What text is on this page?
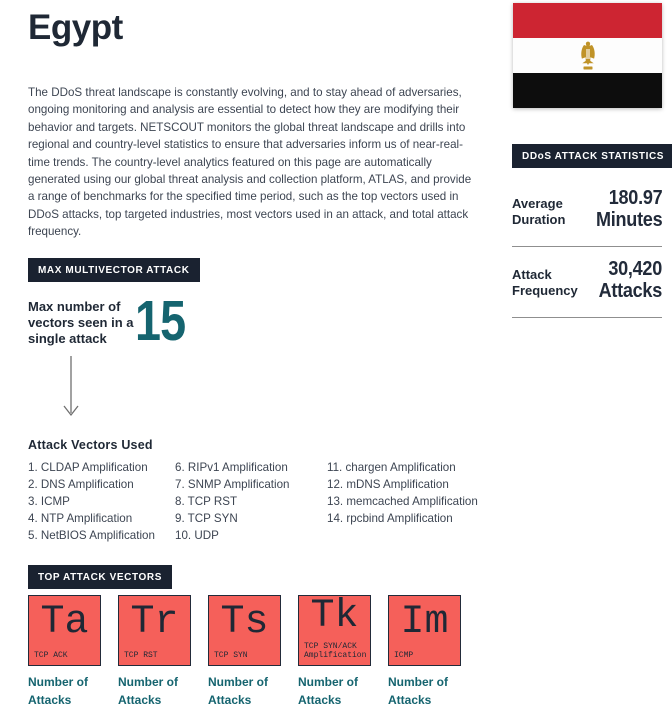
Egypt

The DDoS threat landscape is constantly evolving, and to stay ahead of adversaries, ongoing monitoring and analysis are essential to detect how they are modifying their behavior and targets. NETSCOUT monitors the global threat landscape and drills into regional and country-level statistics to ensure that adversaries inform us of near-real-time trends. The country-level analytics featured on this page are automatically generated using our global threat analysis and collection platform, ATLAS, and provide a range of benchmarks for the specified time period, such as the top vectors used in DDoS attacks, top targeted industries, most vectors used in an attack, and total attack frequency.

DDoS ATTACK STATISTICS
Average Duration
180.97
Minutes
Attack Frequency
30,420
Attacks
MAX MULTIVECTOR ATTACK
Max number of vectors seen in a single attack 15
Attack Vectors Used
1. CLDAP Amplification
2. DNS Amplification
3. ICMP
4. NTP Amplification
5. NetBIOS Amplification
6. RIPv1 Amplification
7. SNMP Amplification
8. TCP RST
9. TCP SYN
10. UDP
11. chargen Amplification
12. mDNS Amplification
13. memcached Amplification
14. rpcbind Amplification
TOP ATTACK VECTORS
Ta
TCP ACK
Tr
TCP RST
Ts
TCP SYN
Tk
TCP SYN/ACK Amplification
Im
ICMP
Number of Attacks
Number of Attacks
Number of Attacks
Number of Attacks
Number of Attacks
